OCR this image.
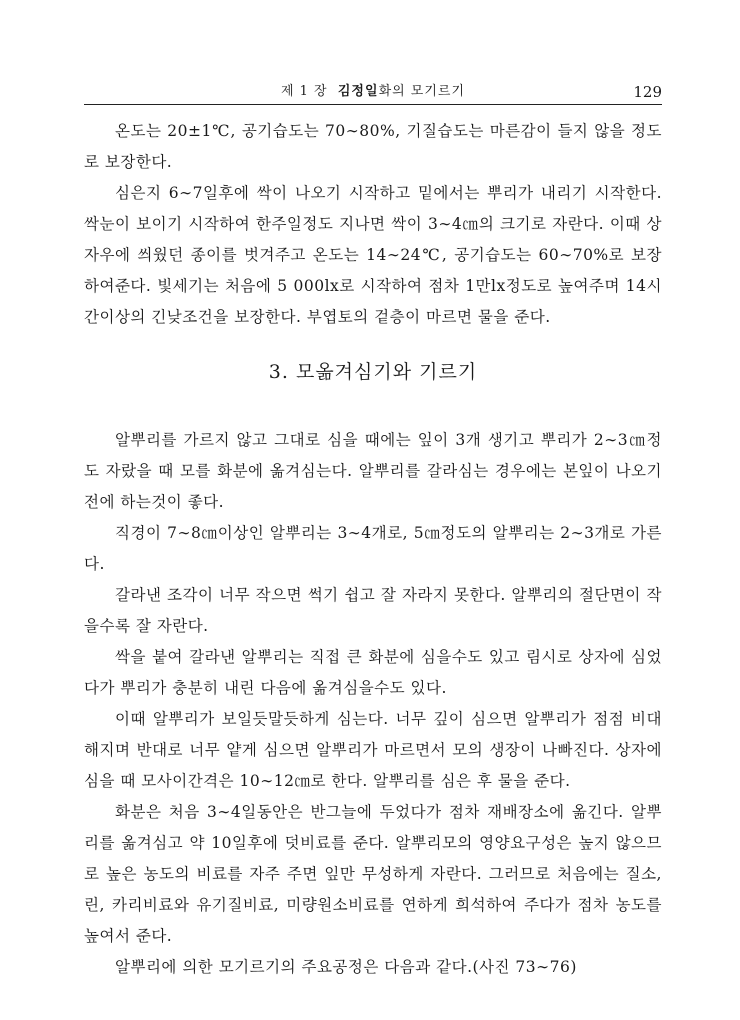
제 1 장 김정일화의 모기르기	129

온도는 20±1℃, 공기습도는 70∼80%, 기질습도는 마른감이 들지 않을 정도로 보장한다.

심은지 6∼7일후에 싹이 나오기 시작하고 밑에서는 뿌리가 내리기 시작한다. 싹눈이 보이기 시작하여 한주일정도 지나면 싹이 3∼4㎝의 크기로 자란다. 이때 상자우에 씌웠던 종이를 벗겨주고 온도는 14∼24℃, 공기습도는 60∼70%로 보장하여준다. 빛세기는 처음에 5 000lx로 시작하여 점차 1만lx정도로 높여주며 14시간이상의 긴낮조건을 보장한다. 부엽토의 겉층이 마르면 물을 준다.

3. 모옮겨심기와 기르기

알뿌리를 가르지 않고 그대로 심을 때에는 잎이 3개 생기고 뿌리가 2∼3㎝정도 자랐을 때 모를 화분에 옮겨심는다. 알뿌리를 갈라심는 경우에는 본잎이 나오기 전에 하는것이 좋다.

직경이 7∼8㎝이상인 알뿌리는 3∼4개로, 5㎝정도의 알뿌리는 2∼3개로 가른다.

갈라낸 조각이 너무 작으면 썩기 쉽고 잘 자라지 못한다. 알뿌리의 절단면이 작을수록 잘 자란다.

싹을 붙여 갈라낸 알뿌리는 직접 큰 화분에 심을수도 있고 림시로 상자에 심었다가 뿌리가 충분히 내린 다음에 옮겨심을수도 있다.

이때 알뿌리가 보일듯말듯하게 심는다. 너무 깊이 심으면 알뿌리가 점점 비대해지며 반대로 너무 얕게 심으면 알뿌리가 마르면서 모의 생장이 나빠진다. 상자에 심을 때 모사이간격은 10∼12㎝로 한다. 알뿌리를 심은 후 물을 준다.

화분은 처음 3∼4일동안은 반그늘에 두었다가 점차 재배장소에 옮긴다. 알뿌리를 옮겨심고 약 10일후에 덧비료를 준다. 알뿌리모의 영양요구성은 높지 않으므로 높은 농도의 비료를 자주 주면 잎만 무성하게 자란다. 그러므로 처음에는 질소, 린, 카리비료와 유기질비료, 미량원소비료를 연하게 희석하여 주다가 점차 농도를 높여서 준다.

알뿌리에 의한 모기르기의 주요공정은 다음과 같다.(사진 73∼76)
